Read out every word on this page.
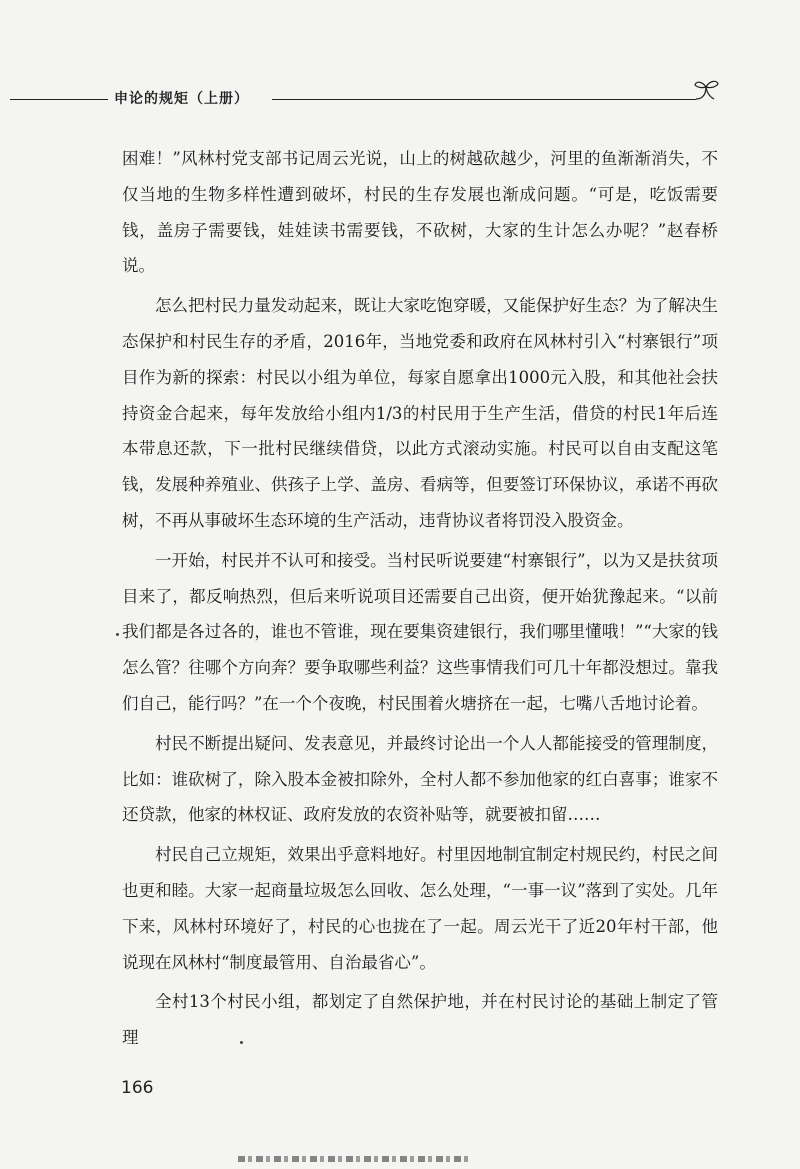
申论的规矩（上册）

困难！”风林村党支部书记周云光说，山上的树越砍越少，河里的鱼渐渐消失，不仅当地的生物多样性遭到破坏，村民的生存发展也渐成问题。“可是，吃饭需要钱，盖房子需要钱，娃娃读书需要钱，不砍树，大家的生计怎么办呢？”赵春桥说。

怎么把村民力量发动起来，既让大家吃饱穿暖，又能保护好生态？为了解决生态保护和村民生存的矛盾，2016年，当地党委和政府在风林村引入“村寨银行”项目作为新的探索：村民以小组为单位，每家自愿拿出1000元入股，和其他社会扶持资金合起来，每年发放给小组内1/3的村民用于生产生活，借贷的村民1年后连本带息还款，下一批村民继续借贷，以此方式滚动实施。村民可以自由支配这笔钱，发展种养殖业、供孩子上学、盖房、看病等，但要签订环保协议，承诺不再砍树，不再从事破坏生态环境的生产活动，违背协议者将罚没入股资金。

一开始，村民并不认可和接受。当村民听说要建“村寨银行”，以为又是扶贫项目来了，都反响热烈，但后来听说项目还需要自己出资，便开始犹豫起来。“以前我们都是各过各的，谁也不管谁，现在要集资建银行，我们哪里懂哦！”“大家的钱怎么管？往哪个方向奔？要争取哪些利益？这些事情我们可几十年都没想过。靠我们自己，能行吗？”在一个个夜晚，村民围着火塘挤在一起，七嘴八舌地讨论着。

村民不断提出疑问、发表意见，并最终讨论出一个人人都能接受的管理制度，比如：谁砍树了，除入股本金被扣除外，全村人都不参加他家的红白喜事；谁家不还贷款，他家的林权证、政府发放的农资补贴等，就要被扣留……

村民自己立规矩，效果出乎意料地好。村里因地制宜制定村规民约，村民之间也更和睦。大家一起商量垃圾怎么回收、怎么处理，“一事一议”落到了实处。几年下来，风林村环境好了，村民的心也拢在了一起。周云光干了近20年村干部，他说现在风林村“制度最管用、自治最省心”。

全村13个村民小组，都划定了自然保护地，并在村民讨论的基础上制定了管理

166
